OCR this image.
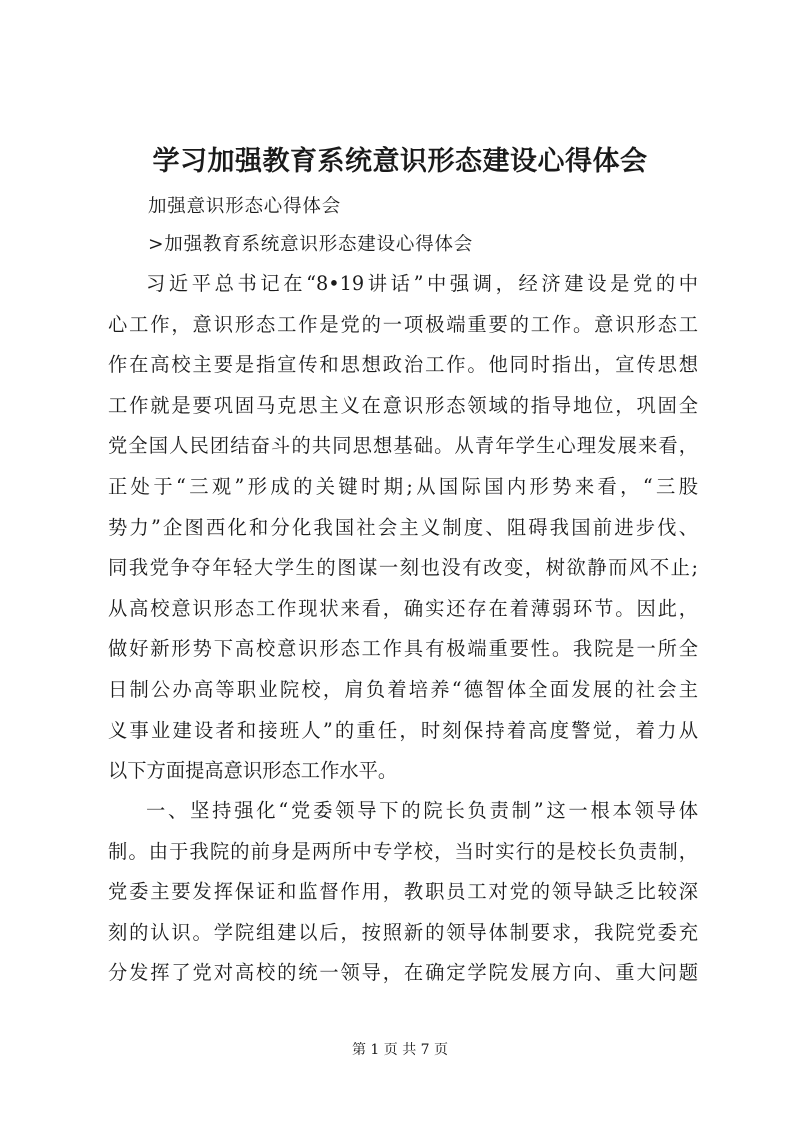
学习加强教育系统意识形态建设心得体会
加强意识形态心得体会
>加强教育系统意识形态建设心得体会
习近平总书记在“8•19讲话”中强调，经济建设是党的中
心工作，意识形态工作是党的一项极端重要的工作。意识形态工
作在高校主要是指宣传和思想政治工作。他同时指出，宣传思想
工作就是要巩固马克思主义在意识形态领域的指导地位，巩固全
党全国人民团结奋斗的共同思想基础。从青年学生心理发展来看，
正处于“三观”形成的关键时期;从国际国内形势来看，“三股
势力”企图西化和分化我国社会主义制度、阻碍我国前进步伐、
同我党争夺年轻大学生的图谋一刻也没有改变，树欲静而风不止;
从高校意识形态工作现状来看，确实还存在着薄弱环节。因此，
做好新形势下高校意识形态工作具有极端重要性。我院是一所全
日制公办高等职业院校，肩负着培养“德智体全面发展的社会主
义事业建设者和接班人”的重任，时刻保持着高度警觉，着力从
以下方面提高意识形态工作水平。
一、坚持强化“党委领导下的院长负责制”这一根本领导体
制。由于我院的前身是两所中专学校，当时实行的是校长负责制，
党委主要发挥保证和监督作用，教职员工对党的领导缺乏比较深
刻的认识。学院组建以后，按照新的领导体制要求，我院党委充
分发挥了党对高校的统一领导，在确定学院发展方向、重大问题
第 1 页 共 7 页
